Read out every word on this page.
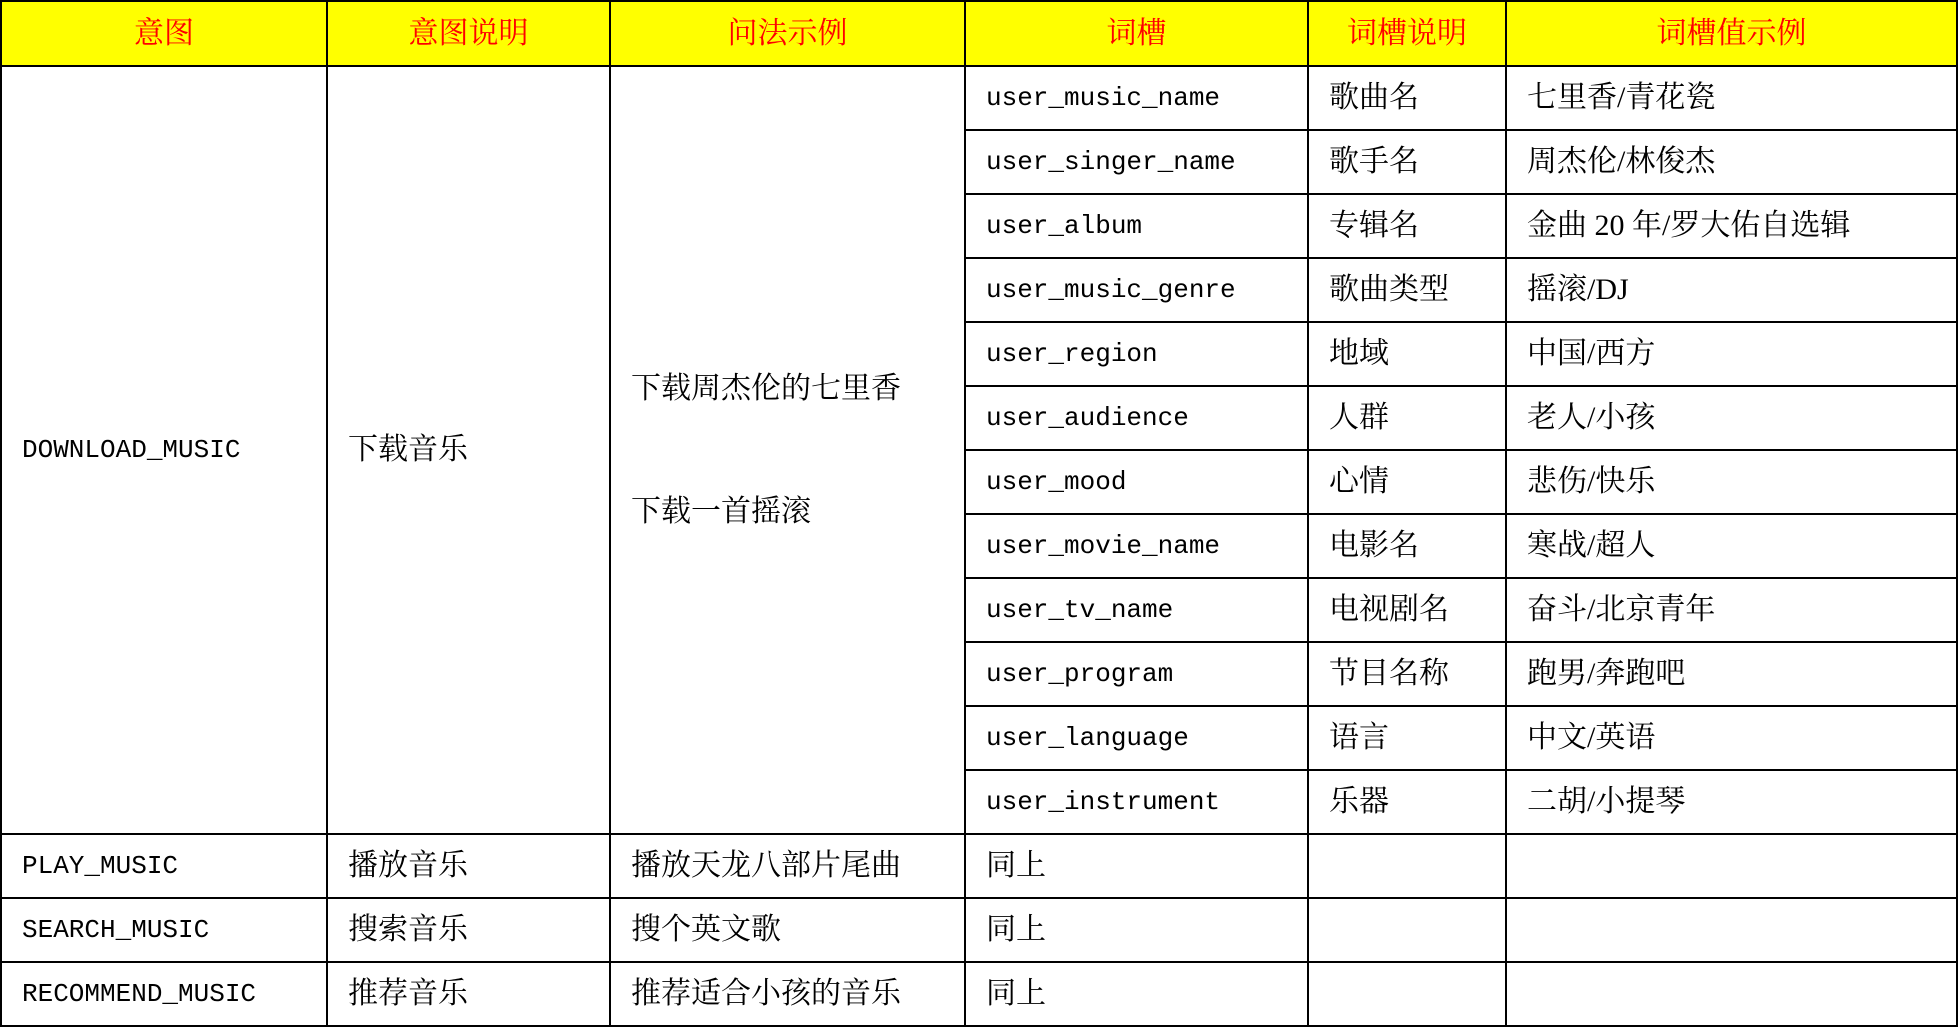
意图	意图说明	问法示例	词槽	词槽说明	词槽值示例
DOWNLOAD_MUSIC	下载音乐
下载周杰伦的七里香
下载一首摇滚
user_music_name	歌曲名	七里香/青花瓷
user_singer_name	歌手名	周杰伦/林俊杰
user_album	专辑名	金曲 20 年/罗大佑自选辑
user_music_genre	歌曲类型	摇滚/DJ
user_region	地域	中国/西方
user_audience	人群	老人/小孩
user_mood	心情	悲伤/快乐
user_movie_name	电影名	寒战/超人
user_tv_name	电视剧名	奋斗/北京青年
user_program	节目名称	跑男/奔跑吧
user_language	语言	中文/英语
user_instrument	乐器	二胡/小提琴
PLAY_MUSIC	播放音乐	播放天龙八部片尾曲	同上
SEARCH_MUSIC	搜索音乐	搜个英文歌	同上
RECOMMEND_MUSIC	推荐音乐	推荐适合小孩的音乐	同上
